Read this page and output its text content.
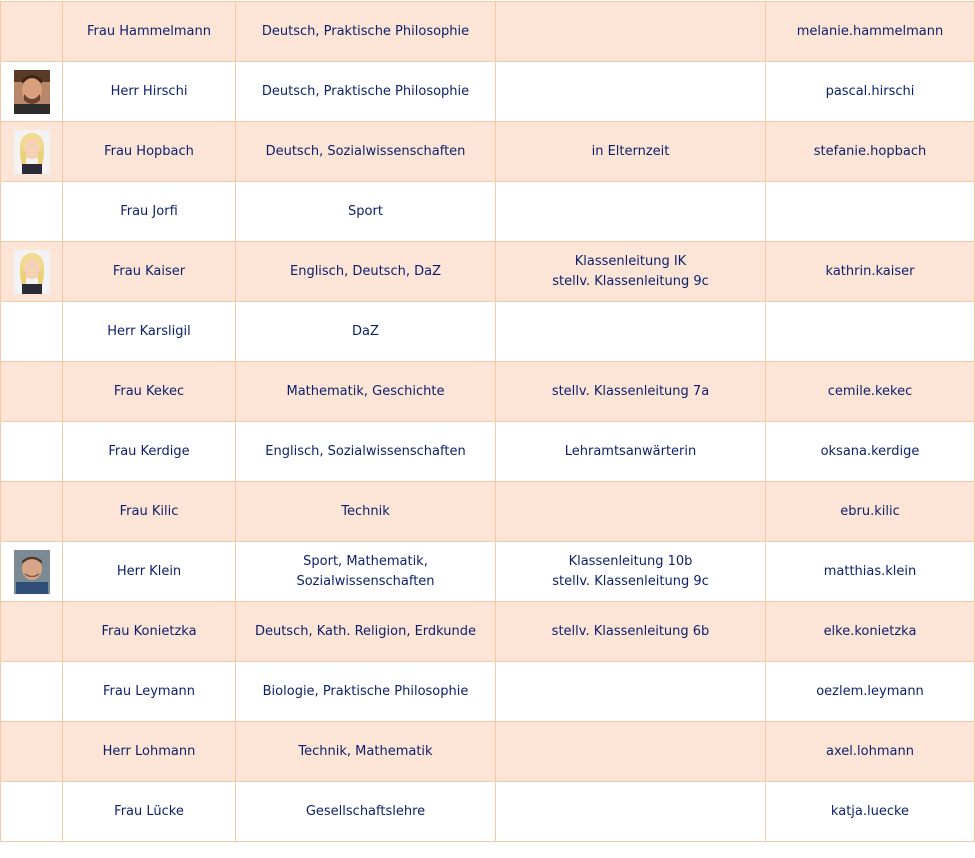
	Frau Hammelmann	Deutsch, Praktische Philosophie		melanie.hammelmann

	Herr Hirschi	Deutsch, Praktische Philosophie		pascal.hirschi

	Frau Hopbach	Deutsch, Sozialwissenschaften	in Elternzeit	stefanie.hopbach
	Frau Jorfi	Sport		

	Frau Kaiser	Englisch, Deutsch, DaZ	Klassenleitung IK
stellv. Klassenleitung 9c	kathrin.kaiser
	Herr Karsligil	DaZ		

	Frau Kekec	Mathematik, Geschichte	stellv. Klassenleitung 7a	cemile.kekec
	Frau Kerdige	Englisch, Sozialwissenschaften	Lehramtsanwärterin	oksana.kerdige
	Frau Kilic	Technik		ebru.kilic

	Herr Klein	Sport, Mathematik,
Sozialwissenschaften	Klassenleitung 10b
stellv. Klassenleitung 9c	matthias.klein
	Frau Konietzka	Deutsch, Kath. Religion, Erdkunde	stellv. Klassenleitung 6b	elke.konietzka
	Frau Leymann	Biologie, Praktische Philosophie		oezlem.leymann
	Herr Lohmann	Technik, Mathematik		axel.lohmann
	Frau Lücke	Gesellschaftslehre		katja.luecke
